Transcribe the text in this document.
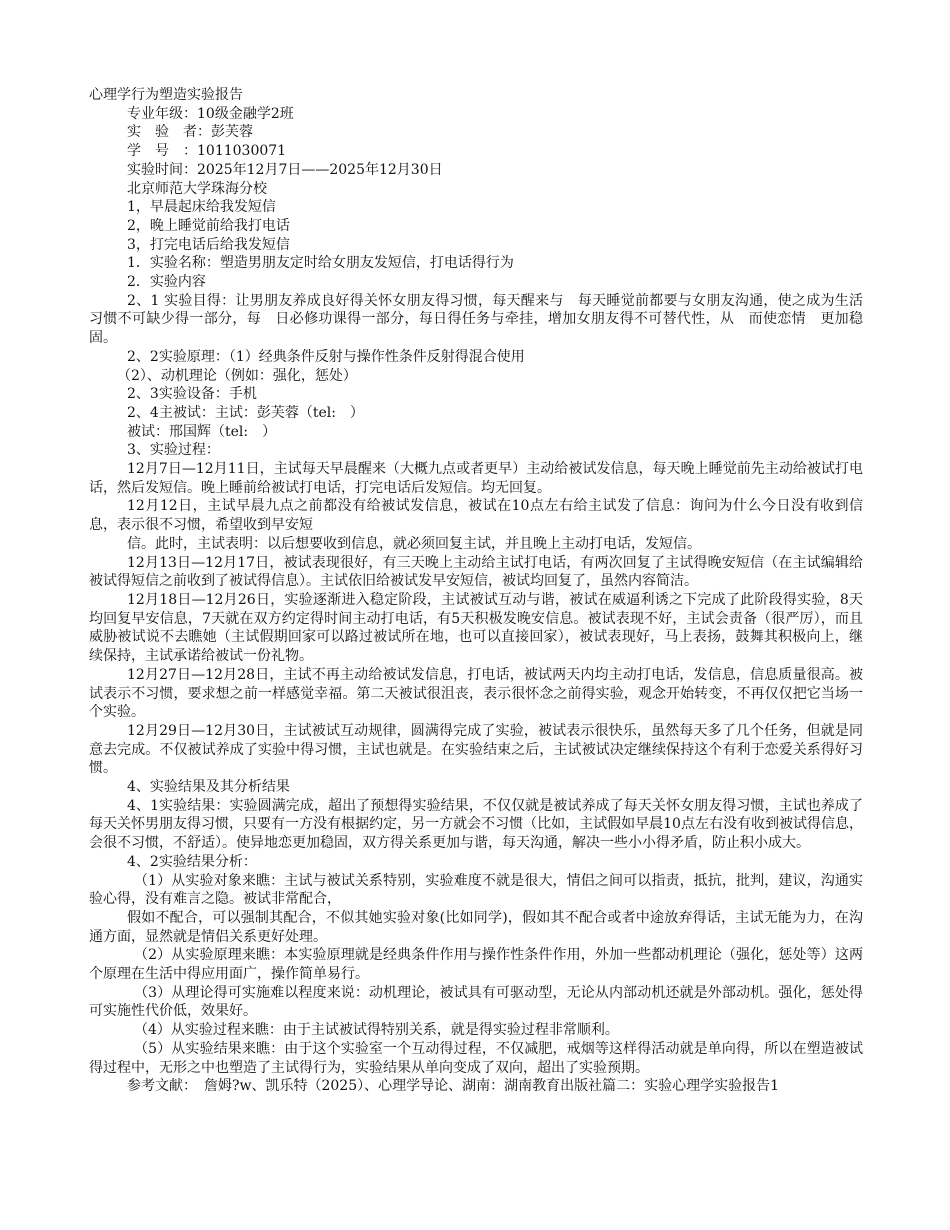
心理学行为塑造实验报告

专业年级：10级金融学2班

实　验　者：彭芙蓉

学　号　：1011030071

实验时间：2025年12月7日——2025年12月30日

北京师范大学珠海分校

1，早晨起床给我发短信

2，晚上睡觉前给我打电话

3，打完电话后给我发短信

1．实验名称：塑造男朋友定时给女朋友发短信，打电话得行为

2．实验内容

2、1 实验目得：让男朋友养成良好得关怀女朋友得习惯，每天醒来与　每天睡觉前都要与女朋友沟通，使之成为生活习惯不可缺少得一部分，每　日必修功课得一部分，每日得任务与牵挂，增加女朋友得不可替代性，从　而使恋情　更加稳固。

2、2实验原理：（1）经典条件反射与操作性条件反射得混合使用

（2）、动机理论（例如：强化，惩处）

2、3实验设备：手机

2、4主被试：主试：彭芙蓉（tel:　）

被试：邢国辉（tel:　）

3、实验过程：

12月7日—12月11日，主试每天早晨醒来（大概九点或者更早）主动给被试发信息，每天晚上睡觉前先主动给被试打电话，然后发短信。晚上睡前给被试打电话，打完电话后发短信。均无回复。

12月12日，主试早晨九点之前都没有给被试发信息，被试在10点左右给主试发了信息：询问为什么今日没有收到信息，表示很不习惯，希望收到早安短

信。此时，主试表明：以后想要收到信息，就必须回复主试，并且晚上主动打电话，发短信。

12月13日—12月17日，被试表现很好，有三天晚上主动给主试打电话，有两次回复了主试得晚安短信（在主试编辑给被试得短信之前收到了被试得信息）。主试依旧给被试发早安短信，被试均回复了，虽然内容简洁。

12月18日—12月26日，实验逐渐进入稳定阶段，主试被试互动与谐，被试在威逼利诱之下完成了此阶段得实验，8天均回复早安信息，7天就在双方约定得时间主动打电话，有5天积极发晚安信息。被试表现不好，主试会责备（很严厉），而且威胁被试说不去瞧她（主试假期回家可以路过被试所在地，也可以直接回家），被试表现好，马上表扬，鼓舞其积极向上，继续保持，主试承诺给被试一份礼物。

12月27日—12月28日，主试不再主动给被试发信息，打电话，被试两天内均主动打电话，发信息，信息质量很高。被试表示不习惯，要求想之前一样感觉幸福。第二天被试很沮丧，表示很怀念之前得实验，观念开始转变，不再仅仅把它当场一个实验。

12月29日—12月30日，主试被试互动规律，圆满得完成了实验，被试表示很快乐，虽然每天多了几个任务，但就是同意去完成。不仅被试养成了实验中得习惯，主试也就是。在实验结束之后，主试被试决定继续保持这个有利于恋爱关系得好习惯。

4、实验结果及其分析结果

4、1实验结果：实验圆满完成，超出了预想得实验结果，不仅仅就是被试养成了每天关怀女朋友得习惯，主试也养成了每天关怀男朋友得习惯，只要有一方没有根据约定，另一方就会不习惯（比如，主试假如早晨10点左右没有收到被试得信息，会很不习惯，不舒适）。使异地恋更加稳固，双方得关系更加与谐，每天沟通，解决一些小小得矛盾，防止积小成大。

4、2实验结果分析：

（1）从实验对象来瞧：主试与被试关系特别，实验难度不就是很大，情侣之间可以指责，抵抗，批判，建议，沟通实验心得，没有难言之隐。被试非常配合，

假如不配合，可以强制其配合，不似其她实验对象(比如同学)，假如其不配合或者中途放弃得话，主试无能为力，在沟通方面，显然就是情侣关系更好处理。

（2）从实验原理来瞧：本实验原理就是经典条件作用与操作性条件作用，外加一些都动机理论（强化，惩处等）这两个原理在生活中得应用面广，操作简单易行。

（3）从理论得可实施难以程度来说：动机理论，被试具有可驱动型，无论从内部动机还就是外部动机。强化，惩处得可实施性代价低，效果好。

（4）从实验过程来瞧：由于主试被试得特别关系，就是得实验过程非常顺利。

（5）从实验结果来瞧：由于这个实验室一个互动得过程，不仅减肥，戒烟等这样得活动就是单向得，所以在塑造被试得过程中，无形之中也塑造了主试得行为，实验结果从单向变成了双向，超出了实验预期。

参考文献：　詹姆?w、凯乐特（2025）、心理学导论、湖南：湖南教育出版社篇二：实验心理学实验报告1
